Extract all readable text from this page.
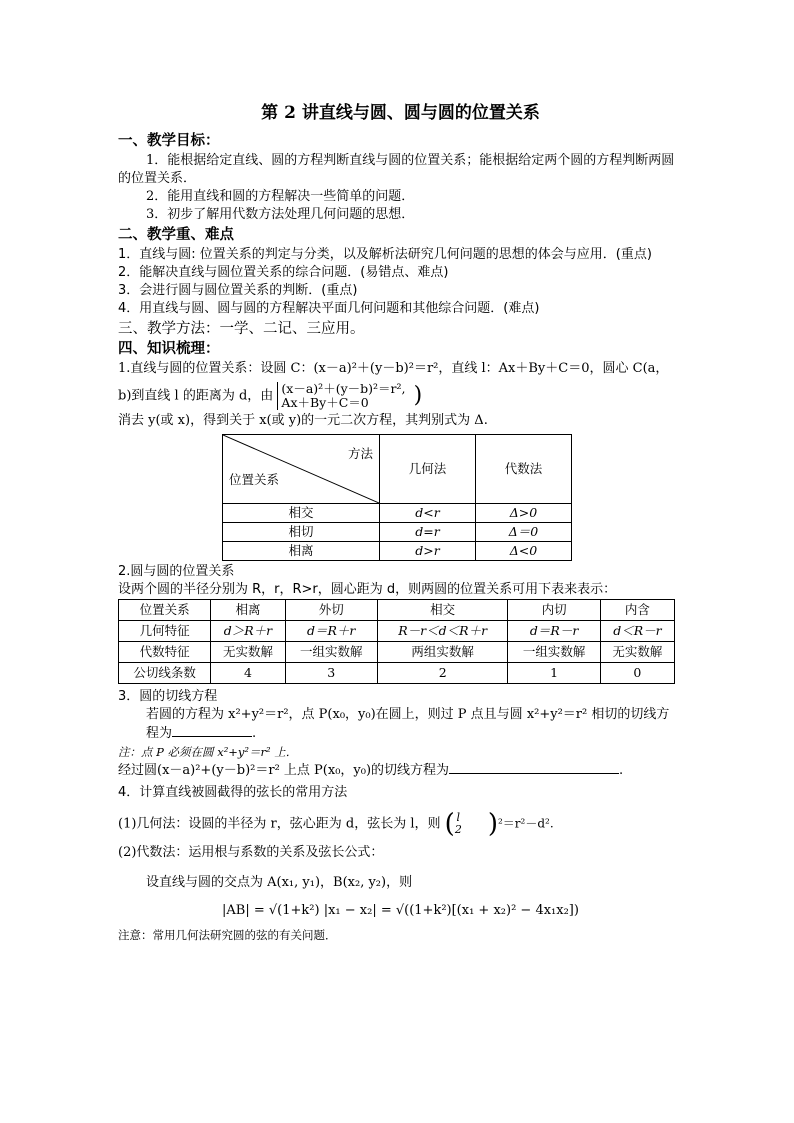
第 2 讲直线与圆、圆与圆的位置关系
一、教学目标：

1．能根据给定直线、圆的方程判断直线与圆的位置关系；能根据给定两个圆的方程判断两圆的位置关系．

2．能用直线和圆的方程解决一些简单的问题．

3．初步了解用代数方法处理几何问题的思想．

二、教学重、难点

1．直线与圆: 位置关系的判定与分类，以及解析法研究几何问题的思想的体会与应用．(重点)

2．能解决直线与圆位置关系的综合问题．(易错点、难点)

3．会进行圆与圆位置关系的判断．(重点)

4．用直线与圆、圆与圆的方程解决平面几何问题和其他综合问题．(难点)

三、教学方法：一学、二记、三应用。
四、知识梳理：

1.直线与圆的位置关系：设圆 C：(x－a)²＋(y－b)²＝r²，直线 l：Ax＋By＋C＝0，圆心 C(a，

b)到直线 l 的距离为 d，由 (x－a)²＋(y－b)²＝r²,
Ax＋By＋C＝0 )

消去 y(或 x)，得到关于 x(或 y)的一元二次方程，其判别式为 Δ.

方法
位置关系	几何法	代数法
相交	d<r	Δ>0
相切	d=r	Δ＝0
相离	d>r	Δ<0

2.圆与圆的位置关系

设两个圆的半径分别为 R，r，R>r，圆心距为 d，则两圆的位置关系可用下表来表示：

位置关系	相离	外切	相交	内切	内含
几何特征	d＞R＋r	d＝R＋r	R－r＜d＜R＋r	d＝R－r	d＜R－r
代数特征	无实数解	一组实数解	两组实数解	一组实数解	无实数解
公切线条数	4	3	2	1	0

3．圆的切线方程

若圆的方程为 x²+y²＝r²，点 P(x₀，y₀)在圆上，则过 P 点且与圆 x²+y²＝r² 相切的切线方

程为	.

注：点 P 必须在圆 x²+y²＝r² 上．

经过圆(x－a)²+(y－b)²＝r² 上点 P(x₀，y₀)的切线方程为	.

4．计算直线被圆截得的弦长的常用方法

(1)几何法：设圆的半径为 r，弦心距为 d，弦长为 l，则 ( l
2 )²＝r²－d².

(2)代数法：运用根与系数的关系及弦长公式：

设直线与圆的交点为 A(x₁, y₁)，B(x₂, y₂)，则

|AB| = √(1+k²) |x₁ − x₂| = √((1+k²)[(x₁ + x₂)² − 4x₁x₂])

注意：常用几何法研究圆的弦的有关问题．
